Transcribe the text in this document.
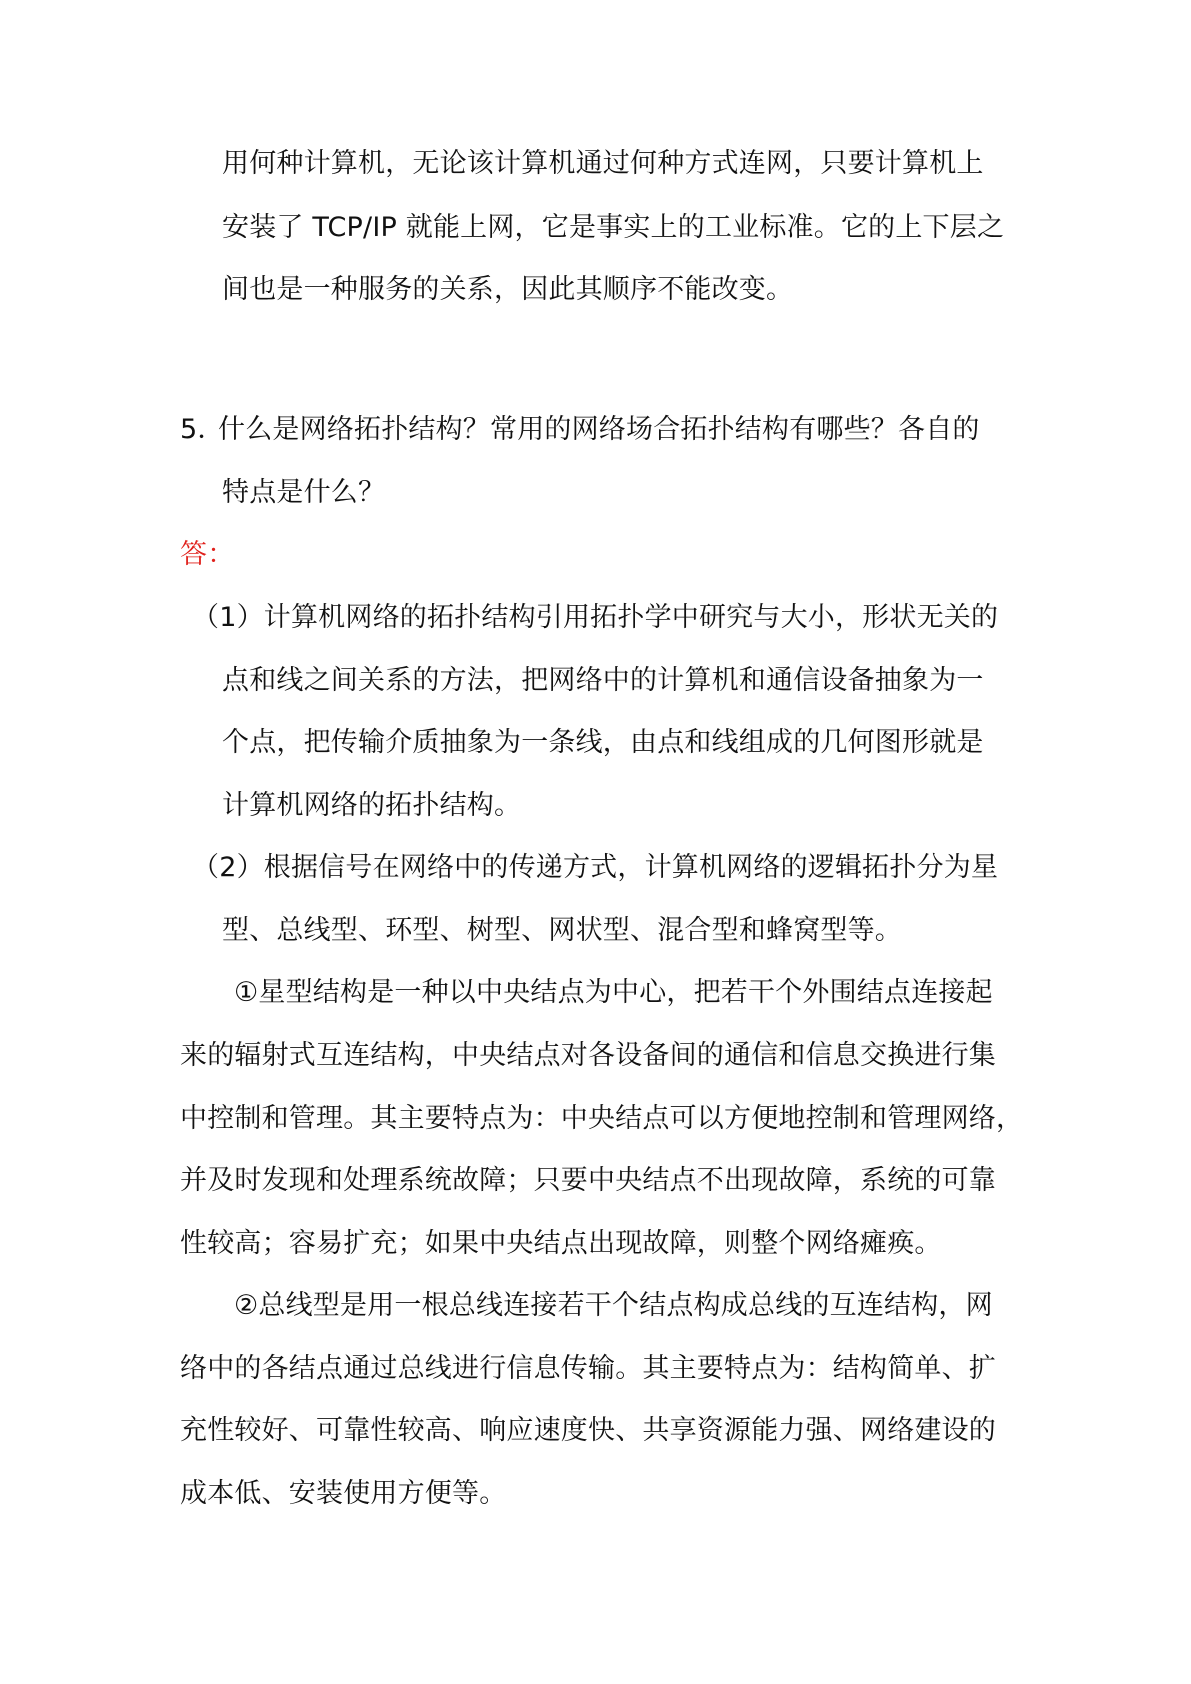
用何种计算机，无论该计算机通过何种方式连网，只要计算机上
安装了 TCP/IP 就能上网，它是事实上的工业标准。它的上下层之
间也是一种服务的关系，因此其顺序不能改变。
5．什么是网络拓扑结构？常用的网络场合拓扑结构有哪些？各自的
特点是什么？
答：
（1）计算机网络的拓扑结构引用拓扑学中研究与大小，形状无关的
点和线之间关系的方法，把网络中的计算机和通信设备抽象为一
个点，把传输介质抽象为一条线，由点和线组成的几何图形就是
计算机网络的拓扑结构。
（2）根据信号在网络中的传递方式，计算机网络的逻辑拓扑分为星
型、总线型、环型、树型、网状型、混合型和蜂窝型等。
①星型结构是一种以中央结点为中心，把若干个外围结点连接起
来的辐射式互连结构，中央结点对各设备间的通信和信息交换进行集
中控制和管理。其主要特点为：中央结点可以方便地控制和管理网络，
并及时发现和处理系统故障；只要中央结点不出现故障，系统的可靠
性较高；容易扩充；如果中央结点出现故障，则整个网络瘫痪。
②总线型是用一根总线连接若干个结点构成总线的互连结构，网
络中的各结点通过总线进行信息传输。其主要特点为：结构简单、扩
充性较好、可靠性较高、响应速度快、共享资源能力强、网络建设的
成本低、安装使用方便等。
